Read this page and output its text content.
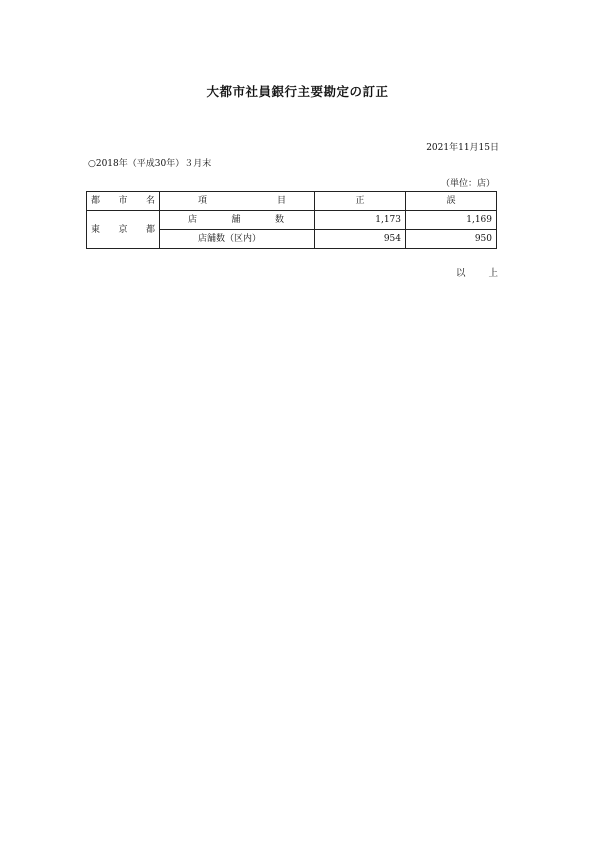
大都市社員銀行主要勘定の訂正
2021年11月15日
○2018年（平成30年）３月末
（単位：店）
都 市 名	項 目	正	誤

東 京 都	店 舗 数	1,173	1,169
	店舗数（区内）	954	950
以 上
